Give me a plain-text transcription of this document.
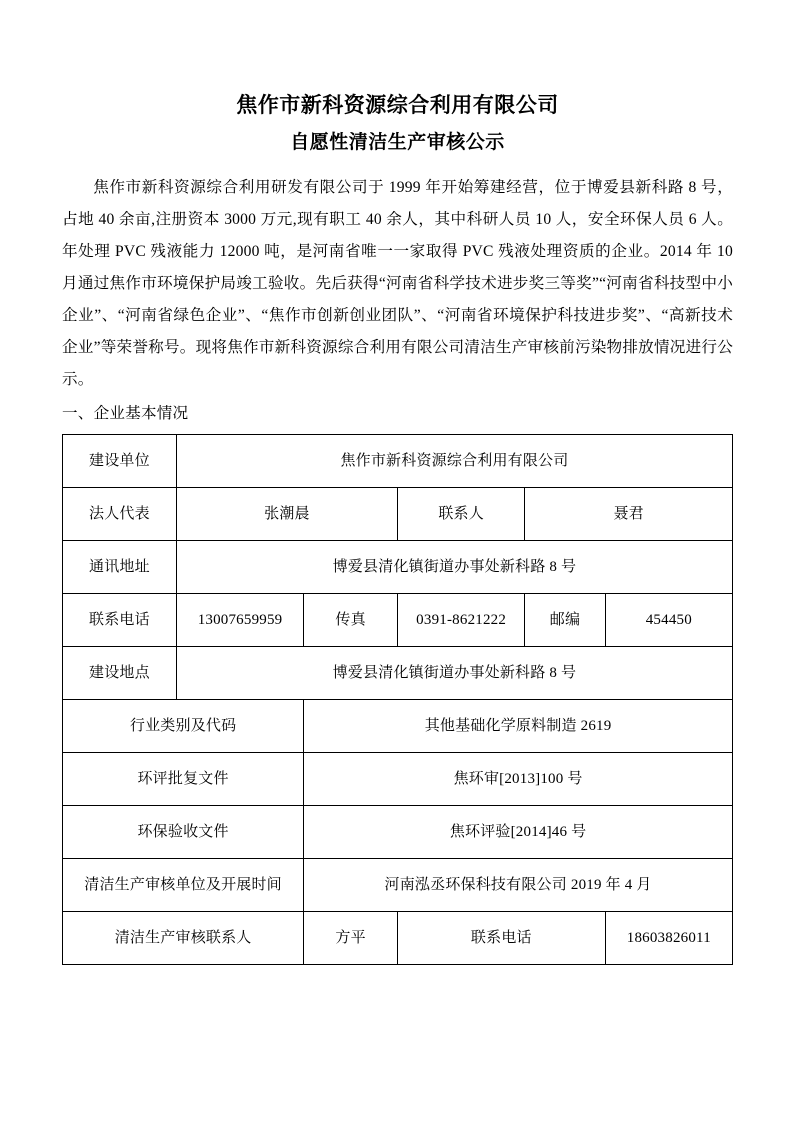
焦作市新科资源综合利用有限公司
自愿性清洁生产审核公示

焦作市新科资源综合利用研发有限公司于 1999 年开始筹建经营，位于博爱县新科路 8 号，占地 40 余亩,注册资本 3000 万元,现有职工 40 余人，其中科研人员 10 人，安全环保人员 6 人。年处理 PVC 残液能力 12000 吨，是河南省唯一一家取得 PVC 残液处理资质的企业。2014 年 10 月通过焦作市环境保护局竣工验收。先后获得“河南省科学技术进步奖三等奖”“河南省科技型中小企业”、“河南省绿色企业”、“焦作市创新创业团队”、“河南省环境保护科技进步奖”、“高新技术企业”等荣誉称号。现将焦作市新科资源综合利用有限公司清洁生产审核前污染物排放情况进行公示。

一、企业基本情况

建设单位	焦作市新科资源综合利用有限公司				
法人代表	张潮晨		联系人	聂君	
通讯地址	博爱县清化镇街道办事处新科路 8 号				
联系电话	13007659959	传真	0391-8621222	邮编	454450
建设地点	博爱县清化镇街道办事处新科路 8 号				
行业类别及代码		其他基础化学原料制造 2619			
环评批复文件		焦环审[2013]100 号			
环保验收文件		焦环评验[2014]46 号			
清洁生产审核单位及开展时间		河南泓丞环保科技有限公司 2019 年 4 月			
清洁生产审核联系人		方平	联系电话		18603826011
